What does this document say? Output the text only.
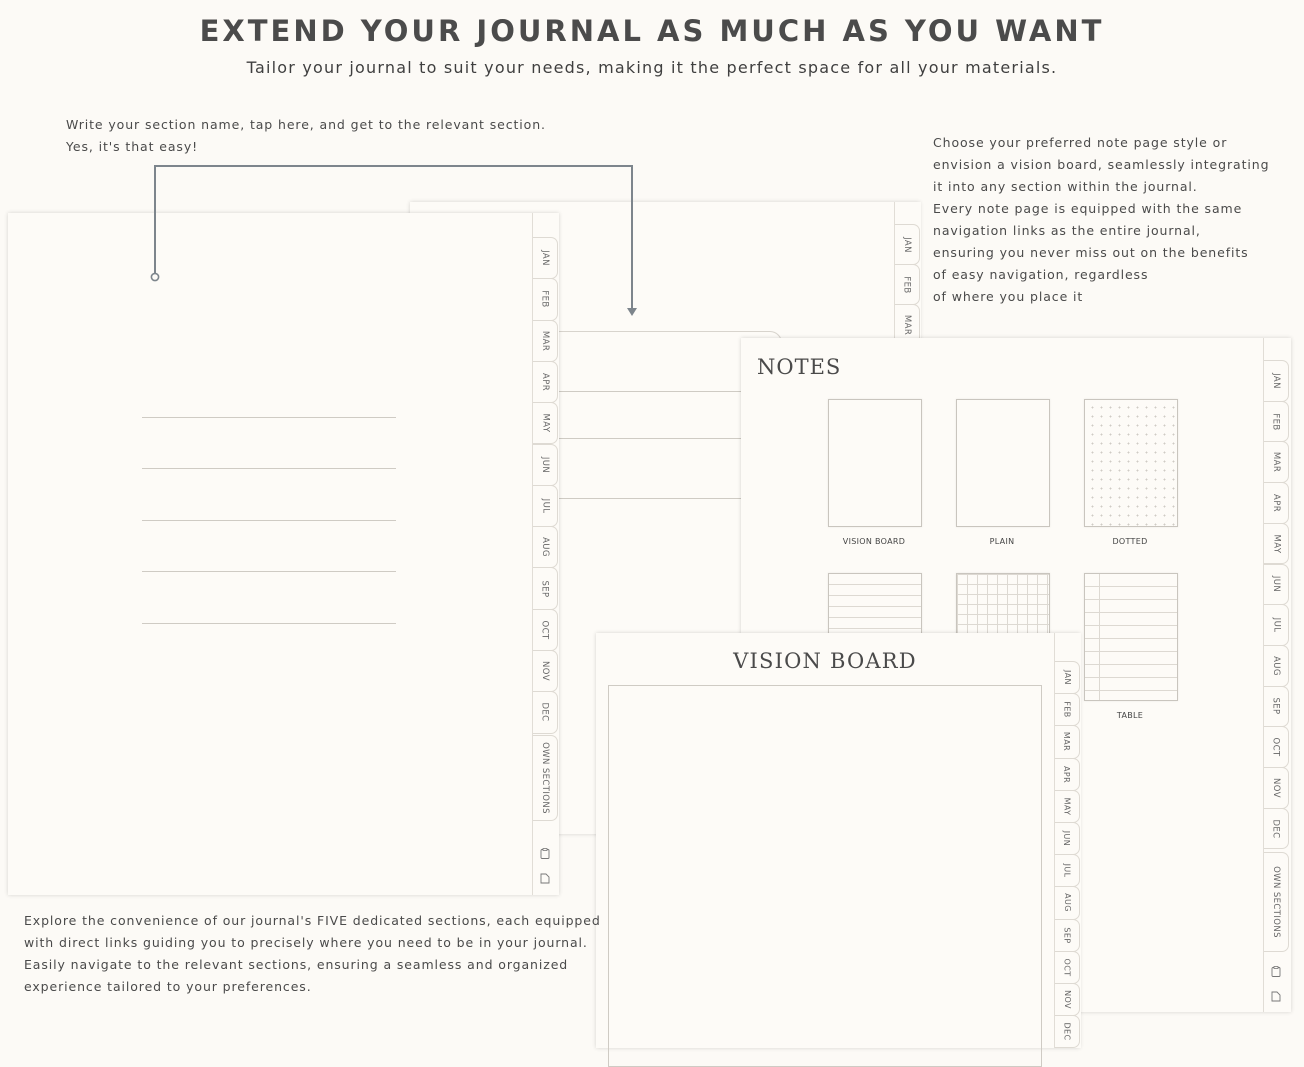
EXTEND YOUR JOURNAL AS MUCH AS YOU WANT
Tailor your journal to suit your needs, making it the perfect space for all your materials.
Write your section name, tap here, and get to the relevant section.
Yes, it's that easy!	Choose your preferred note page style or
envision a vision board, seamlessly integrating
it into any section within the journal.
Every note page is equipped with the same
navigation links as the entire journal,
ensuring you never miss out on the benefits
of easy navigation, regardless
of where you place it
JAN
FEB
MAR
JAN
FEB
MAR
APR
MAY
JUN
JUL
AUG
SEP
OCT
NOV
DEC
OWN SECTIONS
NOTES
JAN
FEB
MAR
APR
MAY
JUN
JUL
AUG
SEP
OCT
NOV
DEC
OWN SECTIONS
VISION BOARD	PLAIN	DOTTED
TABLE
VISION BOARD
JAN
FEB
MAR
APR
MAY
JUN
JUL
AUG
SEP
OCT
NOV
DEC
Explore the convenience of our journal's FIVE dedicated sections, each equipped
with direct links guiding you to precisely where you need to be in your journal.
Easily navigate to the relevant sections, ensuring a seamless and organized
experience tailored to your preferences.
